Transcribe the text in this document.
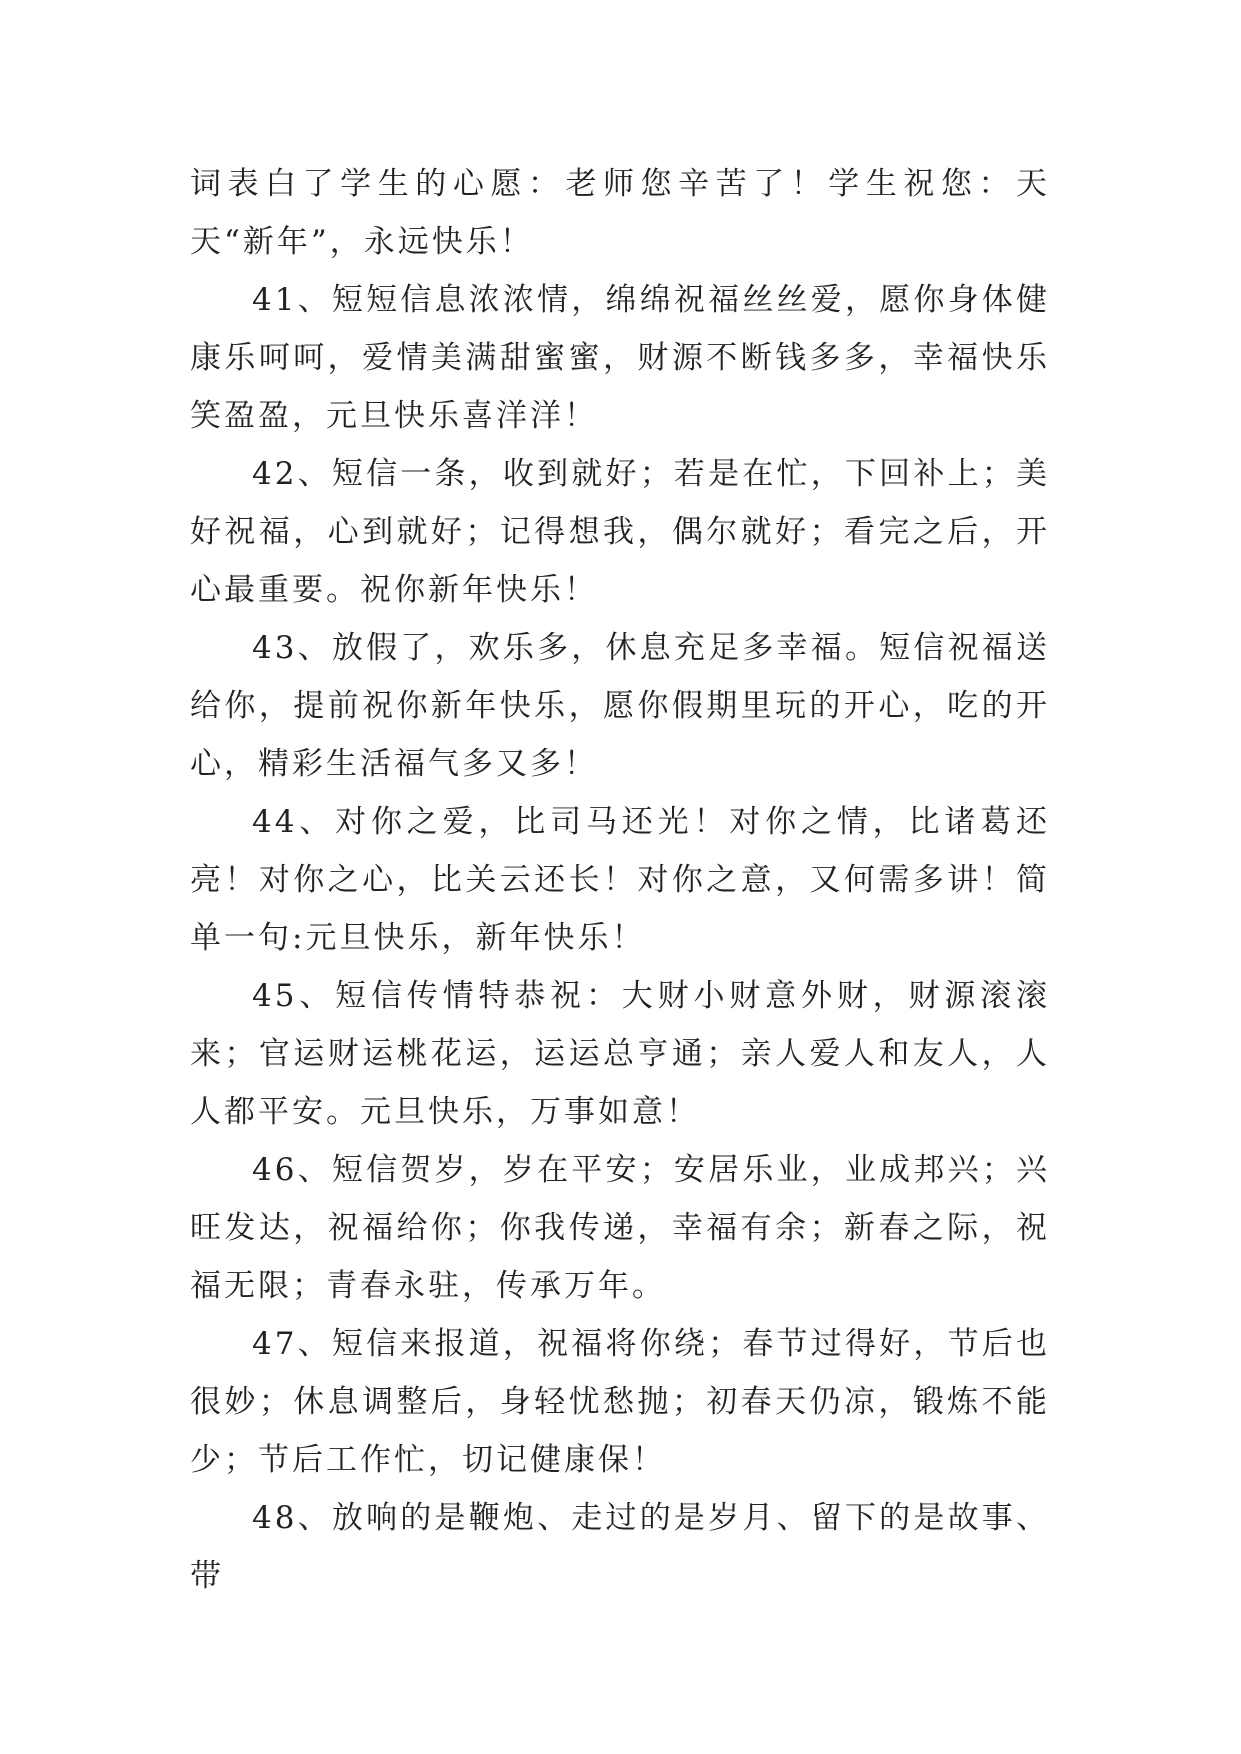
词表白了学生的心愿：老师您辛苦了！学生祝您：天天“新年”，永远快乐！

41、短短信息浓浓情，绵绵祝福丝丝爱，愿你身体健康乐呵呵，爱情美满甜蜜蜜，财源不断钱多多，幸福快乐笑盈盈，元旦快乐喜洋洋！

42、短信一条，收到就好；若是在忙，下回补上；美好祝福，心到就好；记得想我，偶尔就好；看完之后，开心最重要。祝你新年快乐！

43、放假了，欢乐多，休息充足多幸福。短信祝福送给你，提前祝你新年快乐，愿你假期里玩的开心，吃的开心，精彩生活福气多又多！

44、对你之爱，比司马还光！对你之情，比诸葛还亮！对你之心，比关云还长！对你之意，又何需多讲！简单一句:元旦快乐，新年快乐！

45、短信传情特恭祝：大财小财意外财，财源滚滚来；官运财运桃花运，运运总亨通；亲人爱人和友人，人人都平安。元旦快乐，万事如意！

46、短信贺岁，岁在平安；安居乐业，业成邦兴；兴旺发达，祝福给你；你我传递，幸福有余；新春之际，祝福无限；青春永驻，传承万年。

47、短信来报道，祝福将你绕；春节过得好，节后也很妙；休息调整后，身轻忧愁抛；初春天仍凉，锻炼不能少；节后工作忙，切记健康保！

48、放响的是鞭炮、走过的是岁月、留下的是故事、带
